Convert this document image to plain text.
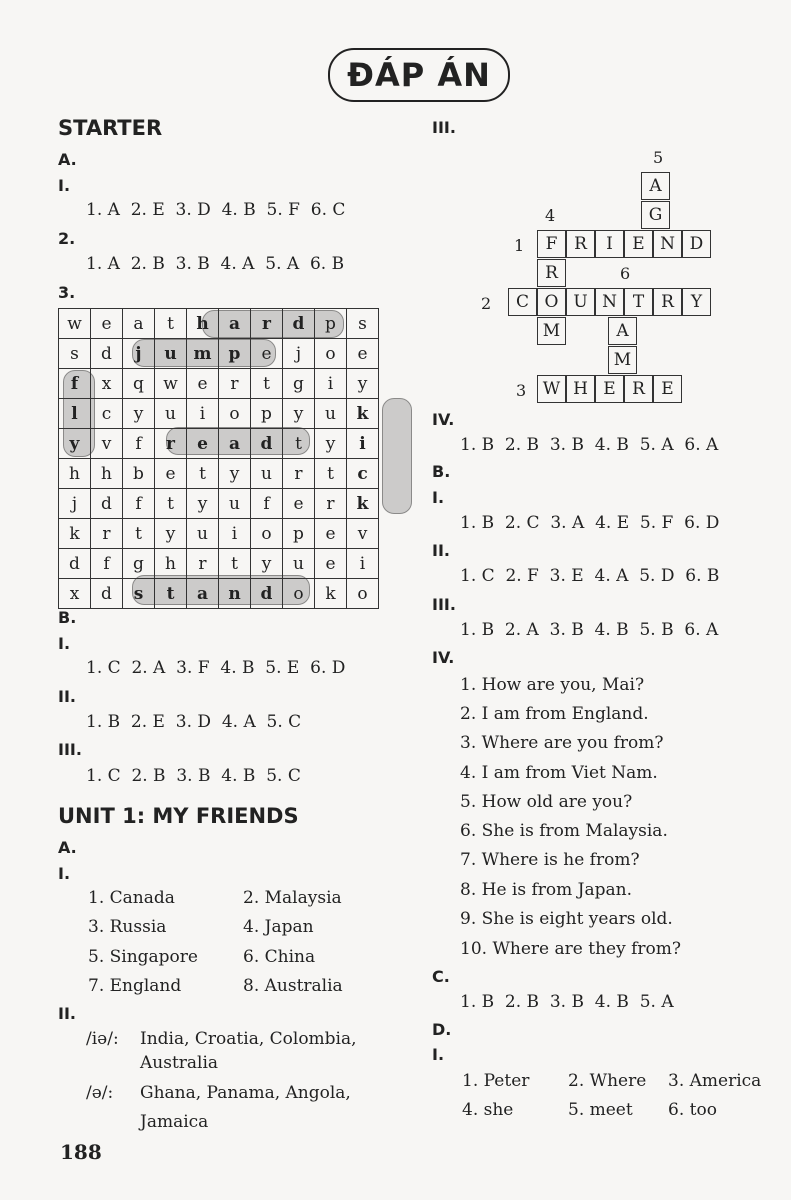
ĐÁP ÁN
STARTER
A.
I.
1. A  2. E  3. D  4. B  5. F  6. C
2.
1. A  2. B  3. B  4. A  5. A  6. B
3.
w	e	a	t	h	a	r	d	p	s
s	d	j	u	m	p	e	j	o	e
f	x	q	w	e	r	t	g	i	y
l	c	y	u	i	o	p	y	u	k
y	v	f	r	e	a	d	t	y	i
h	h	b	e	t	y	u	r	t	c
j	d	f	t	y	u	f	e	r	k
k	r	t	y	u	i	o	p	e	v
d	f	g	h	r	t	y	u	e	i
x	d	s	t	a	n	d	o	k	o
B.
I.
1. C  2. A  3. F  4. B  5. E  6. D
II.
1. B  2. E  3. D  4. A  5. C
III.
1. C  2. B  3. B  4. B  5. C
UNIT 1: MY FRIENDS
A.
I.
1. Canada	2. Malaysia
3. Russia	4. Japan
5. Singapore	6. China
7. England	8. Australia
II.
/iə/: India, Croatia, Colombia,
Australia
/ə/: Ghana, Panama, Angola,
Jamaica
188
III.
A
G
F R	I	E N D
R
C O U N T R Y
M	A
M
W H E R E
5
4
1
6
2
3
IV.
1. B  2. B  3. B  4. B  5. A  6. A
B.
I.
1. B  2. C  3. A  4. E  5. F  6. D
II.
1. C  2. F  3. E  4. A  5. D  6. B
III.
1. B  2. A  3. B  4. B  5. B  6. A
IV.
1. How are you, Mai?
2. I am from England.
3. Where are you from?
4. I am from Viet Nam.
5. How old are you?
6. She is from Malaysia.
7. Where is he from?
8. He is from Japan.
9. She is eight years old.
10. Where are they from?
C.
1. B  2. B  3. B  4. B  5. A
D.
I.
1. Peter 2. Where 3. America
4. she	5. meet 6. too
